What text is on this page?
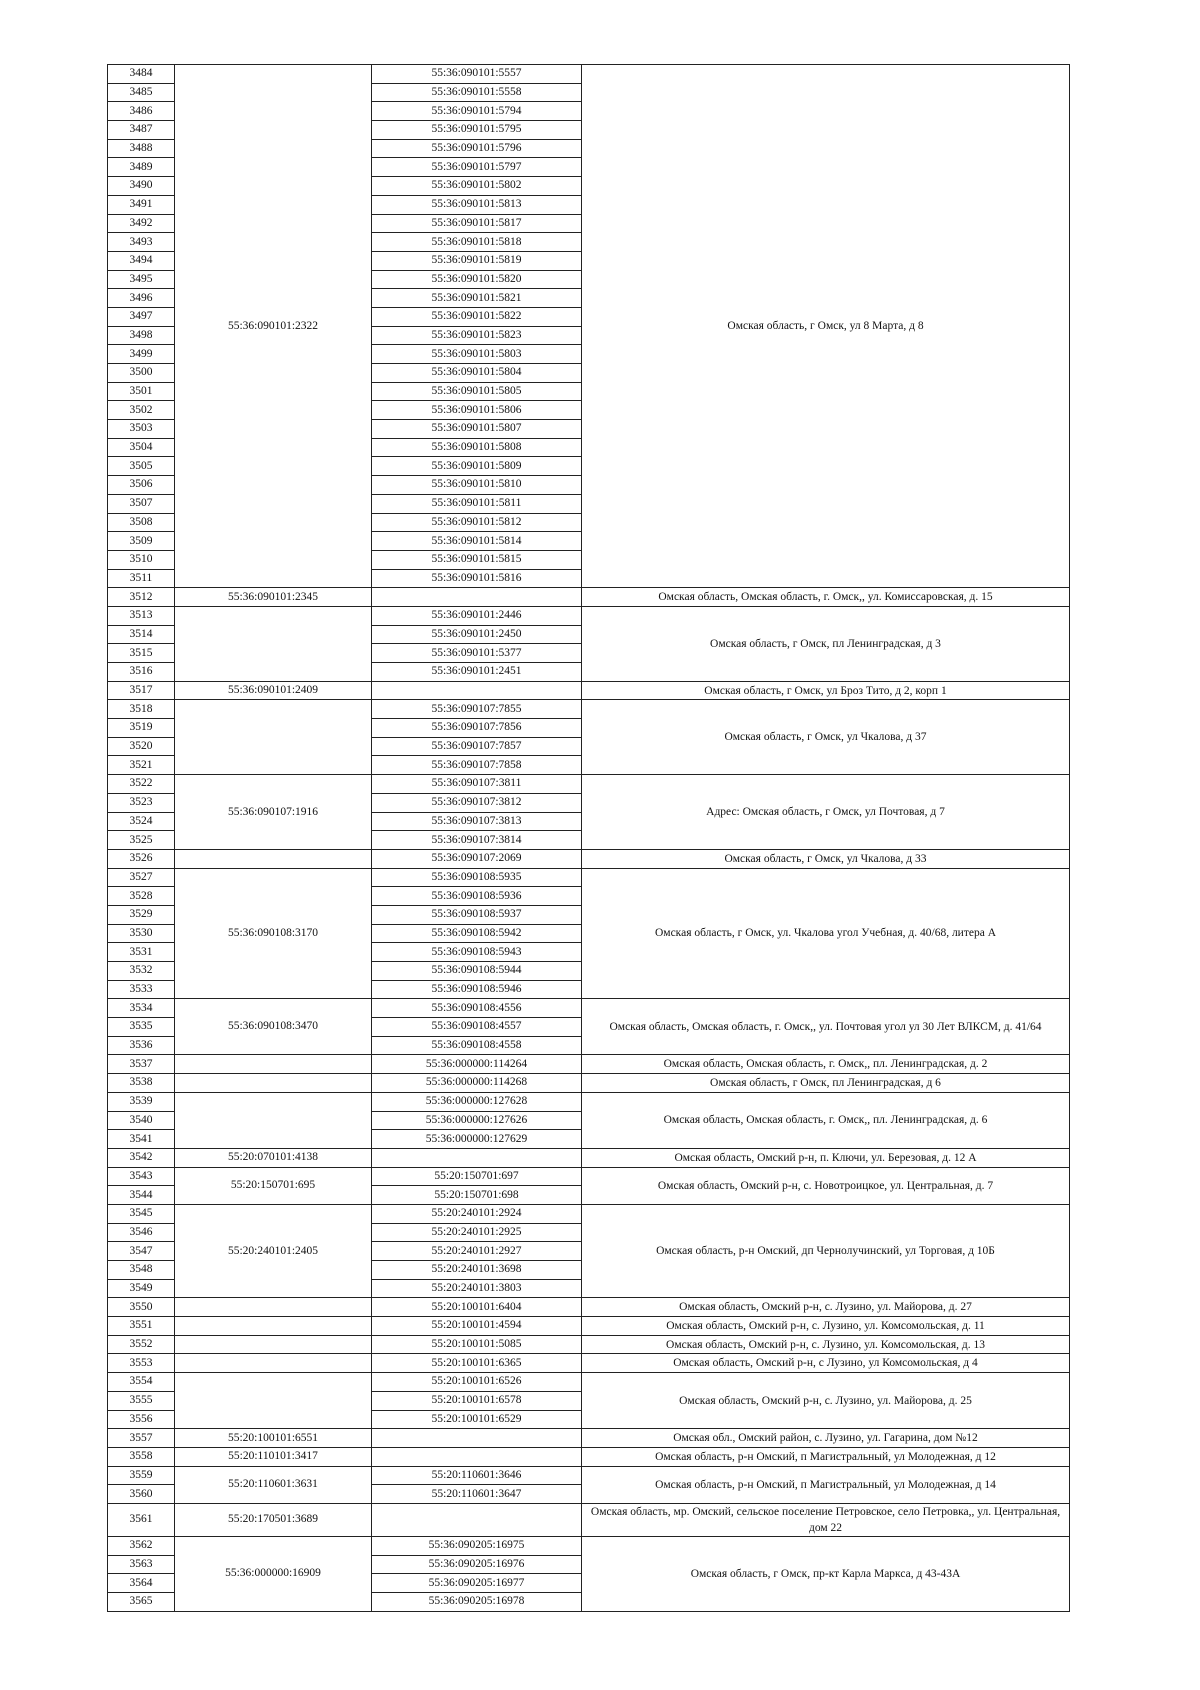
3484	55:36:090101:2322	55:36:090101:5557	Омская область, г Омск, ул 8 Марта, д 8
3485		55:36:090101:5558	
3486		55:36:090101:5794	
3487		55:36:090101:5795	
3488		55:36:090101:5796	
3489		55:36:090101:5797	
3490		55:36:090101:5802	
3491		55:36:090101:5813	
3492		55:36:090101:5817	
3493		55:36:090101:5818	
3494		55:36:090101:5819	
3495		55:36:090101:5820	
3496		55:36:090101:5821	
3497		55:36:090101:5822	
3498		55:36:090101:5823	
3499		55:36:090101:5803	
3500		55:36:090101:5804	
3501		55:36:090101:5805	
3502		55:36:090101:5806	
3503		55:36:090101:5807	
3504		55:36:090101:5808	
3505		55:36:090101:5809	
3506		55:36:090101:5810	
3507		55:36:090101:5811	
3508		55:36:090101:5812	
3509		55:36:090101:5814	
3510		55:36:090101:5815	
3511		55:36:090101:5816	
3512	55:36:090101:2345		Омская область, Омская область, г. Омск,, ул. Комиссаровская, д. 15
3513		55:36:090101:2446	Омская область, г Омск, пл Ленинградская, д 3
3514		55:36:090101:2450	
3515		55:36:090101:5377	
3516		55:36:090101:2451	
3517	55:36:090101:2409		Омская область, г Омск, ул Броз Тито, д 2, корп 1
3518		55:36:090107:7855	Омская область, г Омск, ул Чкалова, д 37
3519		55:36:090107:7856	
3520		55:36:090107:7857	
3521		55:36:090107:7858	
3522	55:36:090107:1916	55:36:090107:3811	Адрес: Омская область, г Омск, ул Почтовая, д 7
3523		55:36:090107:3812	
3524		55:36:090107:3813	
3525		55:36:090107:3814	
3526		55:36:090107:2069	Омская область, г Омск, ул Чкалова, д 33
3527	55:36:090108:3170	55:36:090108:5935	Омская область, г Омск, ул. Чкалова угол Учебная, д. 40/68, литера А
3528		55:36:090108:5936	
3529		55:36:090108:5937	
3530		55:36:090108:5942	
3531		55:36:090108:5943	
3532		55:36:090108:5944	
3533		55:36:090108:5946	
3534	55:36:090108:3470	55:36:090108:4556	Омская область, Омская область, г. Омск,, ул. Почтовая угол ул 30 Лет ВЛКСМ, д. 41/64
3535		55:36:090108:4557	
3536		55:36:090108:4558	
3537		55:36:000000:114264	Омская область, Омская область, г. Омск,, пл. Ленинградская, д. 2
3538		55:36:000000:114268	Омская область, г Омск, пл Ленинградская, д 6
3539		55:36:000000:127628	Омская область, Омская область, г. Омск,, пл. Ленинградская, д. 6
3540		55:36:000000:127626	
3541		55:36:000000:127629	
3542	55:20:070101:4138		Омская область, Омский р-н, п. Ключи, ул. Березовая, д. 12 А
3543	55:20:150701:695	55:20:150701:697	Омская область, Омский р-н, с. Новотроицкое, ул. Центральная, д. 7
3544		55:20:150701:698	
3545	55:20:240101:2405	55:20:240101:2924	Омская область, р-н Омский, дп Чернолучинский, ул Торговая, д 10Б
3546		55:20:240101:2925	
3547		55:20:240101:2927	
3548		55:20:240101:3698	
3549		55:20:240101:3803	
3550		55:20:100101:6404	Омская область, Омский р-н, с. Лузино, ул. Майорова, д. 27
3551		55:20:100101:4594	Омская область, Омский р-н, с. Лузино, ул. Комсомольская, д. 11
3552		55:20:100101:5085	Омская область, Омский р-н, с. Лузино, ул. Комсомольская, д. 13
3553		55:20:100101:6365	Омская область, Омский р-н, с Лузино, ул Комсомольская, д 4
3554		55:20:100101:6526	Омская область, Омский р-н, с. Лузино, ул. Майорова, д. 25
3555		55:20:100101:6578	
3556		55:20:100101:6529	
3557	55:20:100101:6551		Омская обл., Омский район, с. Лузино, ул. Гагарина, дом №12
3558	55:20:110101:3417		Омская область, р-н Омский, п Магистральный, ул Молодежная, д 12
3559	55:20:110601:3631	55:20:110601:3646	Омская область, р-н Омский, п Магистральный, ул Молодежная, д 14
3560		55:20:110601:3647	
3561	55:20:170501:3689		Омская область, мр. Омский, сельское поселение Петровское, село Петровка,, ул. Центральная, дом 22
3562	55:36:000000:16909	55:36:090205:16975	Омская область, г Омск, пр-кт Карла Маркса, д 43-43А
3563		55:36:090205:16976	
3564		55:36:090205:16977	
3565		55:36:090205:16978	
